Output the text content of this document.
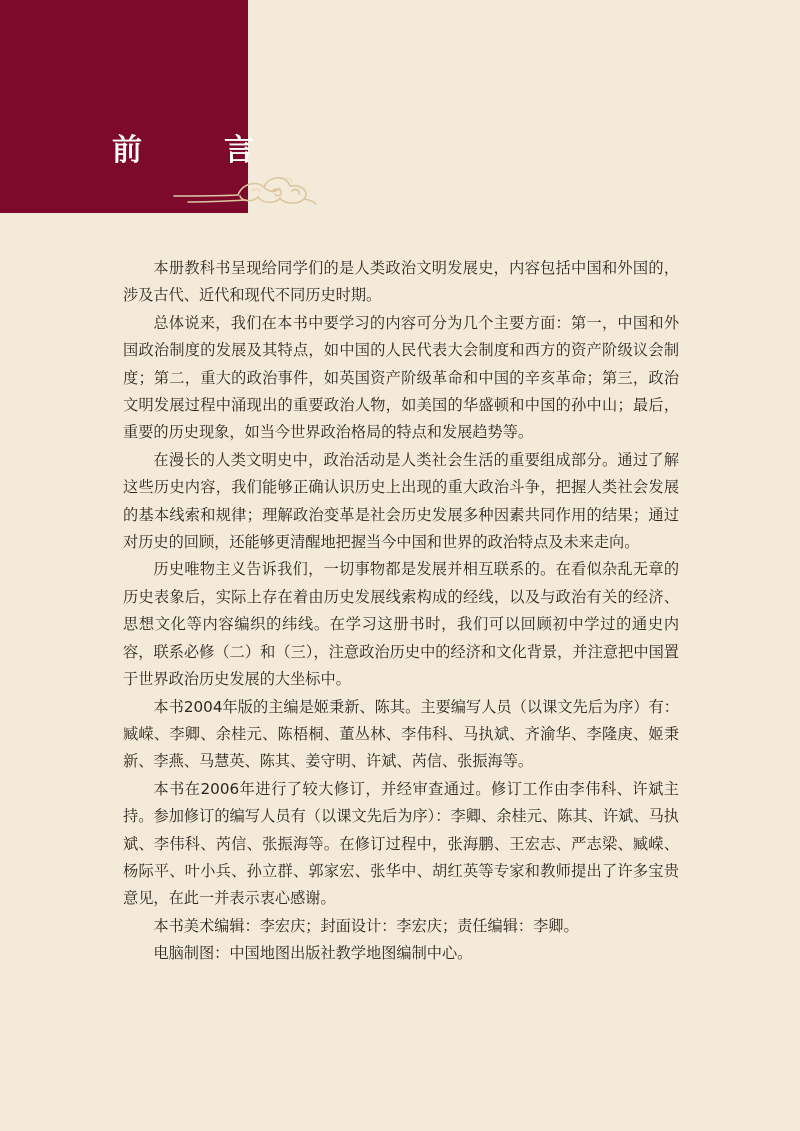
前　言

本册教科书呈现给同学们的是人类政治文明发展史，内容包括中国和外国的，涉及古代、近代和现代不同历史时期。

总体说来，我们在本书中要学习的内容可分为几个主要方面：第一，中国和外国政治制度的发展及其特点，如中国的人民代表大会制度和西方的资产阶级议会制度；第二，重大的政治事件，如英国资产阶级革命和中国的辛亥革命；第三，政治文明发展过程中涌现出的重要政治人物，如美国的华盛顿和中国的孙中山；最后，重要的历史现象，如当今世界政治格局的特点和发展趋势等。

在漫长的人类文明史中，政治活动是人类社会生活的重要组成部分。通过了解这些历史内容，我们能够正确认识历史上出现的重大政治斗争，把握人类社会发展的基本线索和规律；理解政治变革是社会历史发展多种因素共同作用的结果；通过对历史的回顾，还能够更清醒地把握当今中国和世界的政治特点及未来走向。

历史唯物主义告诉我们，一切事物都是发展并相互联系的。在看似杂乱无章的历史表象后，实际上存在着由历史发展线索构成的经线，以及与政治有关的经济、思想文化等内容编织的纬线。在学习这册书时，我们可以回顾初中学过的通史内容，联系必修（二）和（三），注意政治历史中的经济和文化背景，并注意把中国置于世界政治历史发展的大坐标中。

本书2004年版的主编是姬秉新、陈其。主要编写人员（以课文先后为序）有：臧嵘、李卿、余桂元、陈梧桐、董丛林、李伟科、马执斌、齐渝华、李隆庚、姬秉新、李燕、马慧英、陈其、姜守明、许斌、芮信、张振海等。

本书在2006年进行了较大修订，并经审查通过。修订工作由李伟科、许斌主持。参加修订的编写人员有（以课文先后为序）：李卿、余桂元、陈其、许斌、马执斌、李伟科、芮信、张振海等。在修订过程中，张海鹏、王宏志、严志梁、臧嵘、杨际平、叶小兵、孙立群、郭家宏、张华中、胡红英等专家和教师提出了许多宝贵意见，在此一并表示衷心感谢。

本书美术编辑：李宏庆；封面设计：李宏庆；责任编辑：李卿。

电脑制图：中国地图出版社教学地图编制中心。
